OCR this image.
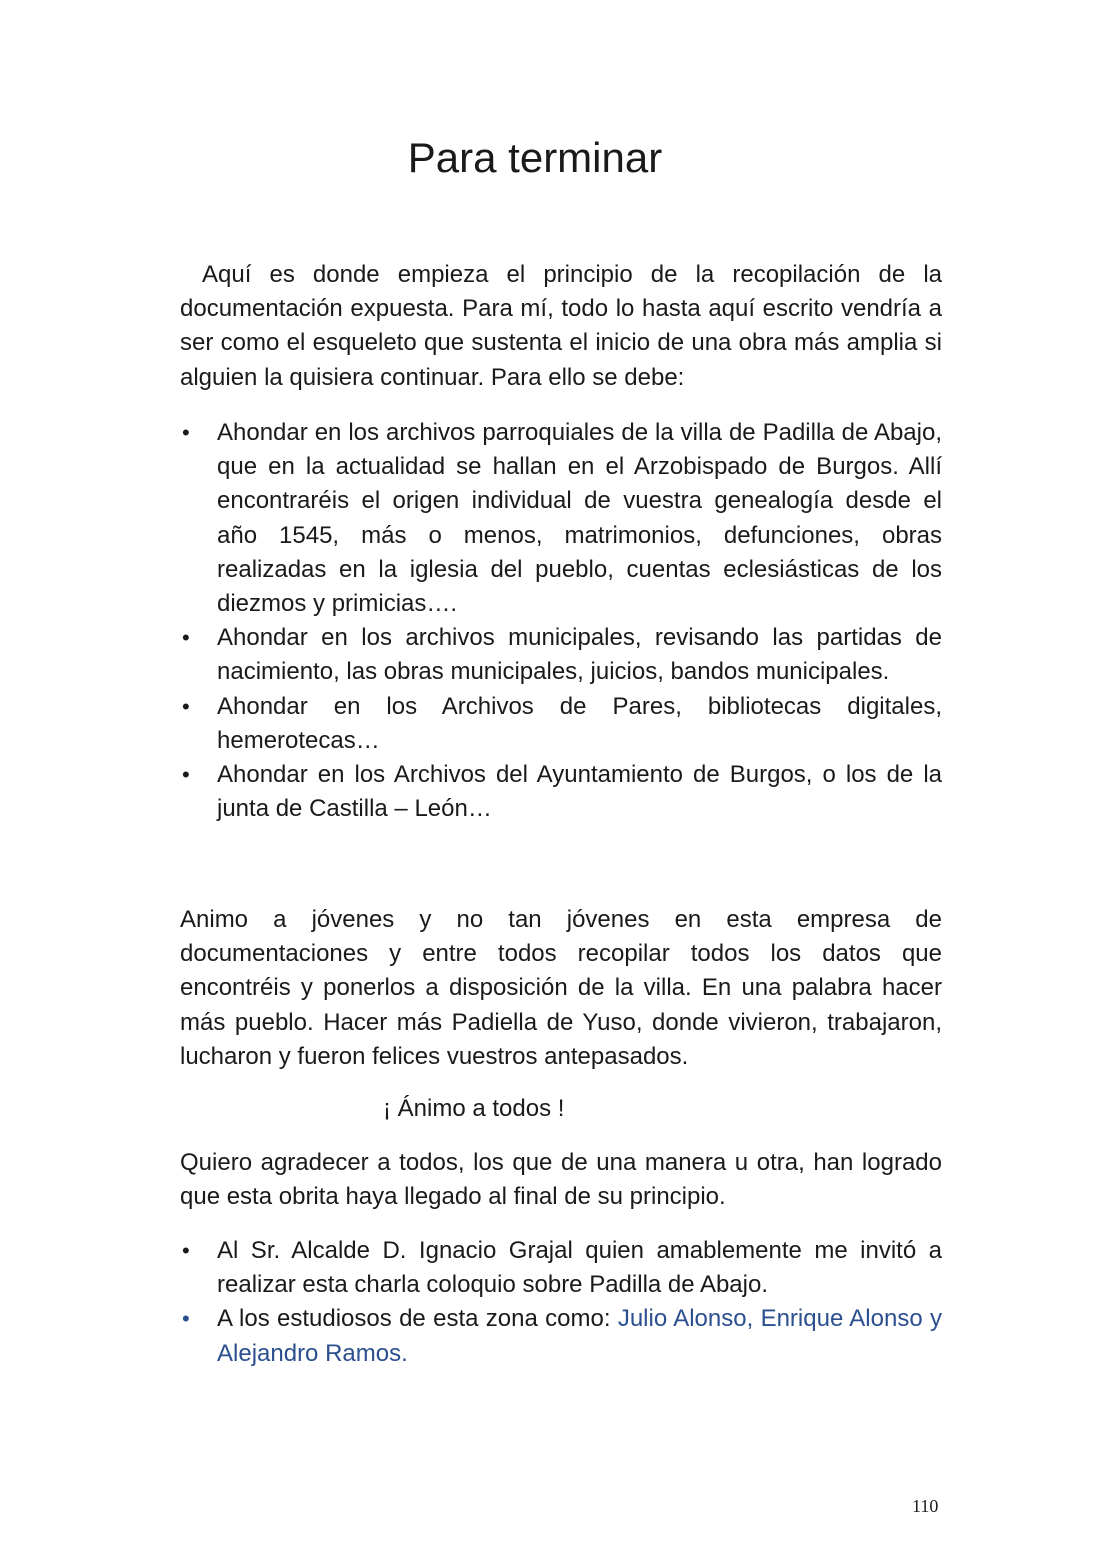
Para terminar

Aquí es donde empieza el principio de la recopilación de la documentación expuesta. Para mí, todo lo hasta aquí escrito vendría a ser como el esqueleto que sustenta el inicio de una obra más amplia si alguien la quisiera continuar. Para ello se debe:

• Ahondar en los archivos parroquiales de la villa de Padilla de Abajo, que en la actualidad se hallan en el Arzobispado de Burgos. Allí encontraréis el origen individual de vuestra genealogía desde el año 1545, más o menos, matrimonios, defunciones, obras realizadas en la iglesia del pueblo, cuentas eclesiásticas de los diezmos y primicias….
• Ahondar en los archivos municipales, revisando las partidas de nacimiento, las obras municipales, juicios, bandos municipales.
• Ahondar en los Archivos de Pares, bibliotecas digitales, hemerotecas…
• Ahondar en los Archivos del Ayuntamiento de Burgos, o los de la junta de Castilla – León…

Animo a jóvenes y no tan jóvenes en esta empresa de documentaciones y entre todos recopilar todos los datos que encontréis y ponerlos a disposición de la villa. En una palabra hacer más pueblo. Hacer más Padiella de Yuso, donde vivieron, trabajaron, lucharon y fueron felices vuestros antepasados.

¡ Ánimo a todos !

Quiero agradecer a todos, los que de una manera u otra, han logrado que esta obrita haya llegado al final de su principio.

• Al Sr. Alcalde D. Ignacio Grajal quien amablemente me invitó a realizar esta charla coloquio sobre Padilla de Abajo.
• A los estudiosos de esta zona como: Julio Alonso, Enrique Alonso y Alejandro Ramos.

110
